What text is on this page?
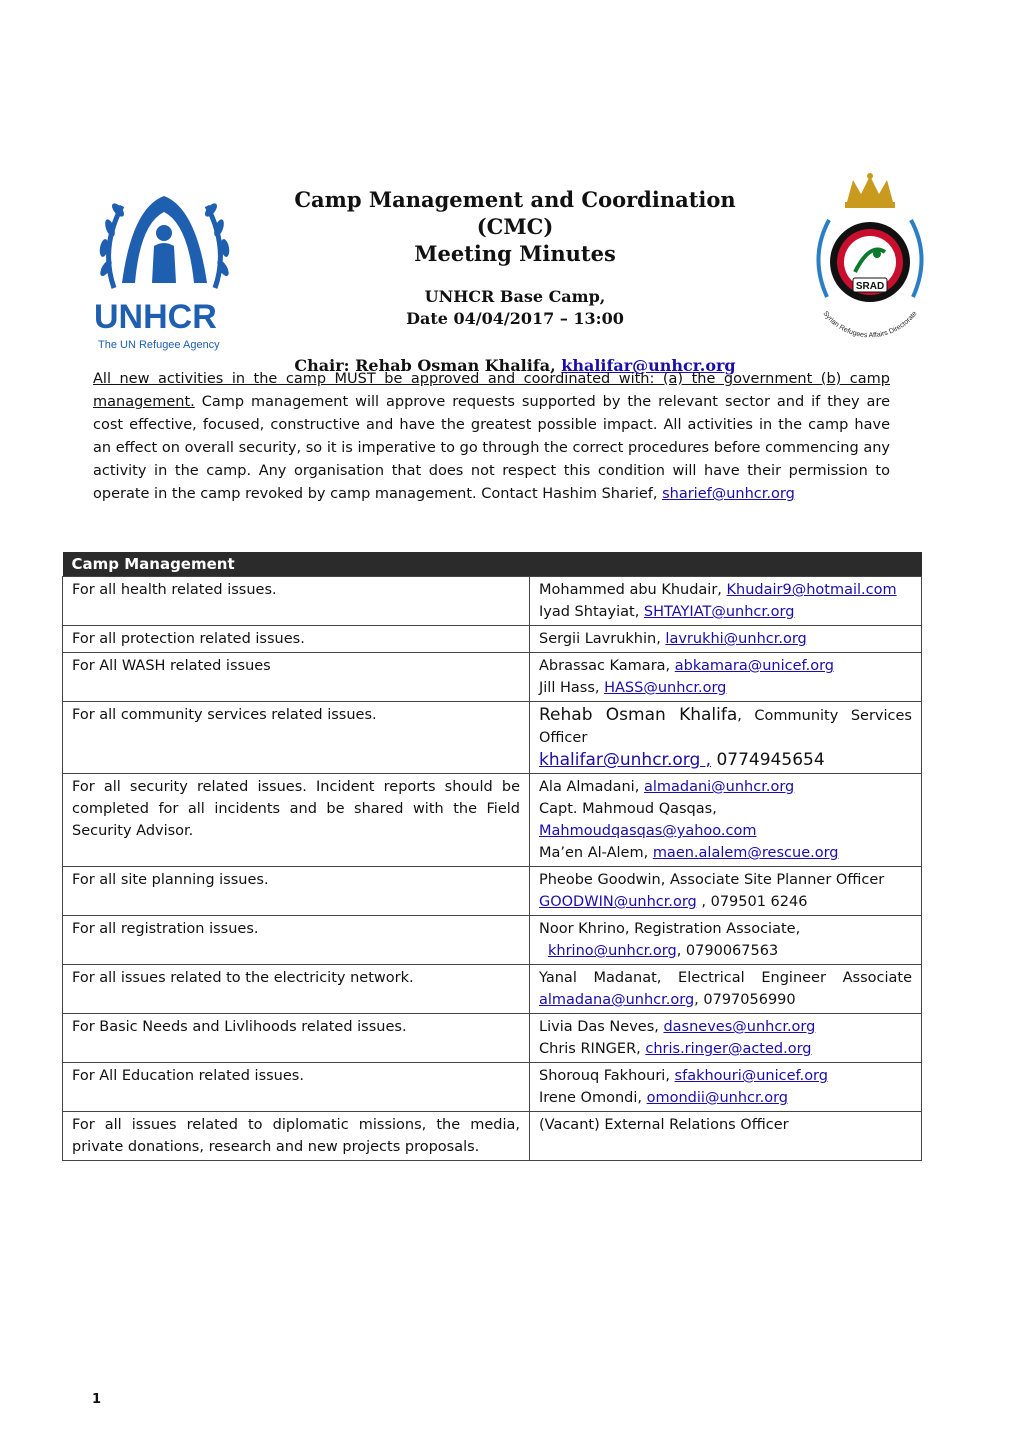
UNHCR
The UN Refugee Agency
SRAD
Syrian Refugees Affairs Directorate
Camp Management and Coordination (CMC)
Meeting Minutes
UNHCR Base Camp,
Date 04/04/2017 – 13:00
Chair: Rehab Osman Khalifa, khalifar@unhcr.org
All new activities in the camp MUST be approved and coordinated with: (a) the government (b) camp management. Camp management will approve requests supported by the relevant sector and if they are cost effective, focused, constructive and have the greatest possible impact. All activities in the camp have an effect on overall security, so it is imperative to go through the correct procedures before commencing any activity in the camp. Any organisation that does not respect this condition will have their permission to operate in the camp revoked by camp management. Contact Hashim Sharief, sharief@unhcr.org
Camp Management	
For all health related issues.	Mohammed abu Khudair, Khudair9@hotmail.com
Iyad Shtayiat, SHTAYIAT@unhcr.org

For all protection related issues.	Sergii Lavrukhin, lavrukhi@unhcr.org

For All WASH related issues	Abrassac Kamara, abkamara@unicef.org
Jill Hass, HASS@unhcr.org

For all community services related issues.	Rehab Osman Khalifa, Community Services Officer
khalifar@unhcr.org , 0774945654

For all security related issues. Incident reports should be completed for all incidents and be shared with the Field Security Advisor.	Ala Almadani, almadani@unhcr.org
Capt. Mahmoud Qasqas,
Mahmoudqasqas@yahoo.com
Ma’en Al-Alem, maen.alalem@rescue.org

For all site planning issues.	Pheobe Goodwin, Associate Site Planner Officer
GOODWIN@unhcr.org , 079501 6246

For all registration issues.	Noor Khrino, Registration Associate,
khrino@unhcr.org, 0790067563

For all issues related to the electricity network.	Yanal Madanat, Electrical Engineer Associate
almadana@unhcr.org, 0797056990

For Basic Needs and Livlihoods related issues.	Livia Das Neves, dasneves@unhcr.org
Chris RINGER, chris.ringer@acted.org

For All Education related issues.	Shorouq Fakhouri, sfakhouri@unicef.org
Irene Omondi, omondii@unhcr.org

For all issues related to diplomatic missions, the media, private donations, research and new projects proposals.	(Vacant) External Relations Officer
1
